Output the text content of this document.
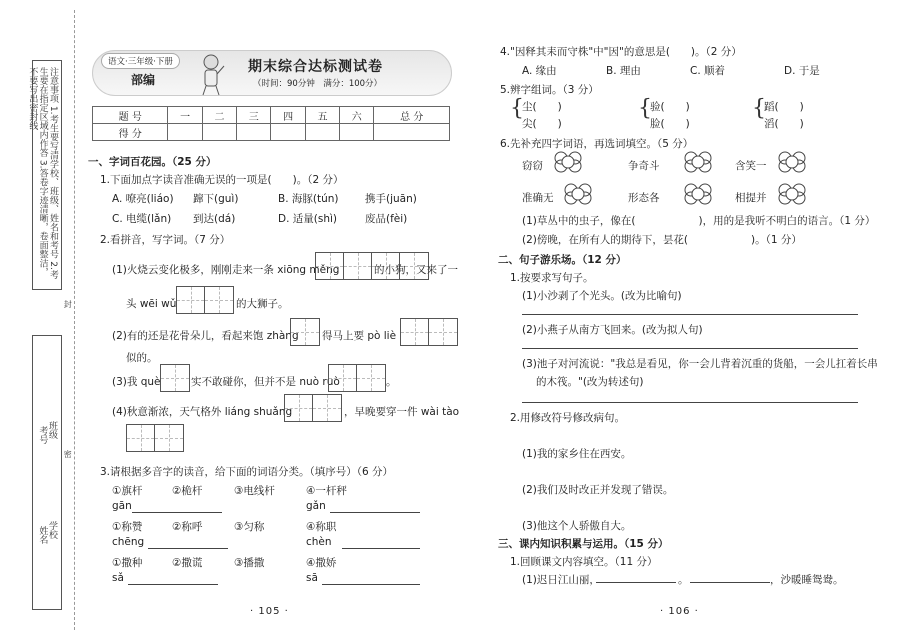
注意事项 1.考生要写清学校、班级、姓名和考号 2.考生要在指定区域内作答 3.答卷字迹清晰，卷面整洁，不要写出密封线
封
班级
学校
考号
姓名
密
语文·三年级·下册
部编
期末综合达标测试卷
（时间：90分钟　满分：100分）
题 号	一	二	三	四	五	六	总 分
得 分							
一、字词百花园。（25 分）
1.下面加点字读音准确无误的一项是(　　)。（2 分）
A. 嘹亮(liáo) 蹿下(guì)	B. 海豚(tún)	携手(juān)
C. 电缆(lǎn) 到达(dá)	D. 适量(shì)	废品(fèi)
2.看拼音，写字词。（7 分）
(1)火烧云变化极多，刚刚走来一条 xiōng měng	的小狗，又来了一
头 wēi wǔ	的大狮子。
(2)有的还是花骨朵儿，看起来饱 zhàng 得马上要 pò liè
似的。
(3)我 què	实不敢碰你，但并不是 nuò ruò	。
(4)秋意渐浓，天气格外 liáng shuǎng	，早晚要穿一件 wài tào
3.请根据多音字的读音，给下面的词语分类。（填序号）（6 分）
①旗杆	②桅杆	③电线杆	④一杆秤
gān	gǎn
①称赞	②称呼	③匀称	④称职
chēng	chèn
①撒种	②撒谎	③播撒	④撒娇
sǎ	sā
· 105 ·
4."因释其耒而守株"中"因"的意思是(　　)。（2 分）
A. 缘由	B. 理由	C. 顺着	D. 于是
5.辨字组词。（3 分）
{
尘(　　)
尖(　　)
{
验(　　)
脸(　　)
{
蹈(　　)
滔(　　)
6.先补充四字词语，再选词填空。（5 分）
窃窃	争奇斗	含笑一
准确无	形态各	相提并
(1)草丛中的虫子，像在(　　　　　　)，用的是我听不明白的语言。（1 分）
(2)傍晚，在所有人的期待下，昙花(　　　　　　)。（1 分）
二、句子游乐场。（12 分）
1.按要求写句子。
(1)小沙剥了个光头。(改为比喻句)
(2)小燕子从南方飞回来。(改为拟人句)
(3)池子对河流说："我总是看见，你一会儿背着沉重的货船，一会儿扛着长串
的木筏。"(改为转述句)
2.用修改符号修改病句。
(1)我的家乡住在西安。
(2)我们及时改正并发现了错误。
(3)他这个人骄傲自大。
三、课内知识积累与运用。（15 分）
1.回顾课文内容填空。（11 分）
(1)迟日江山丽，	。	，沙暖睡鸳鸯。
· 106 ·
